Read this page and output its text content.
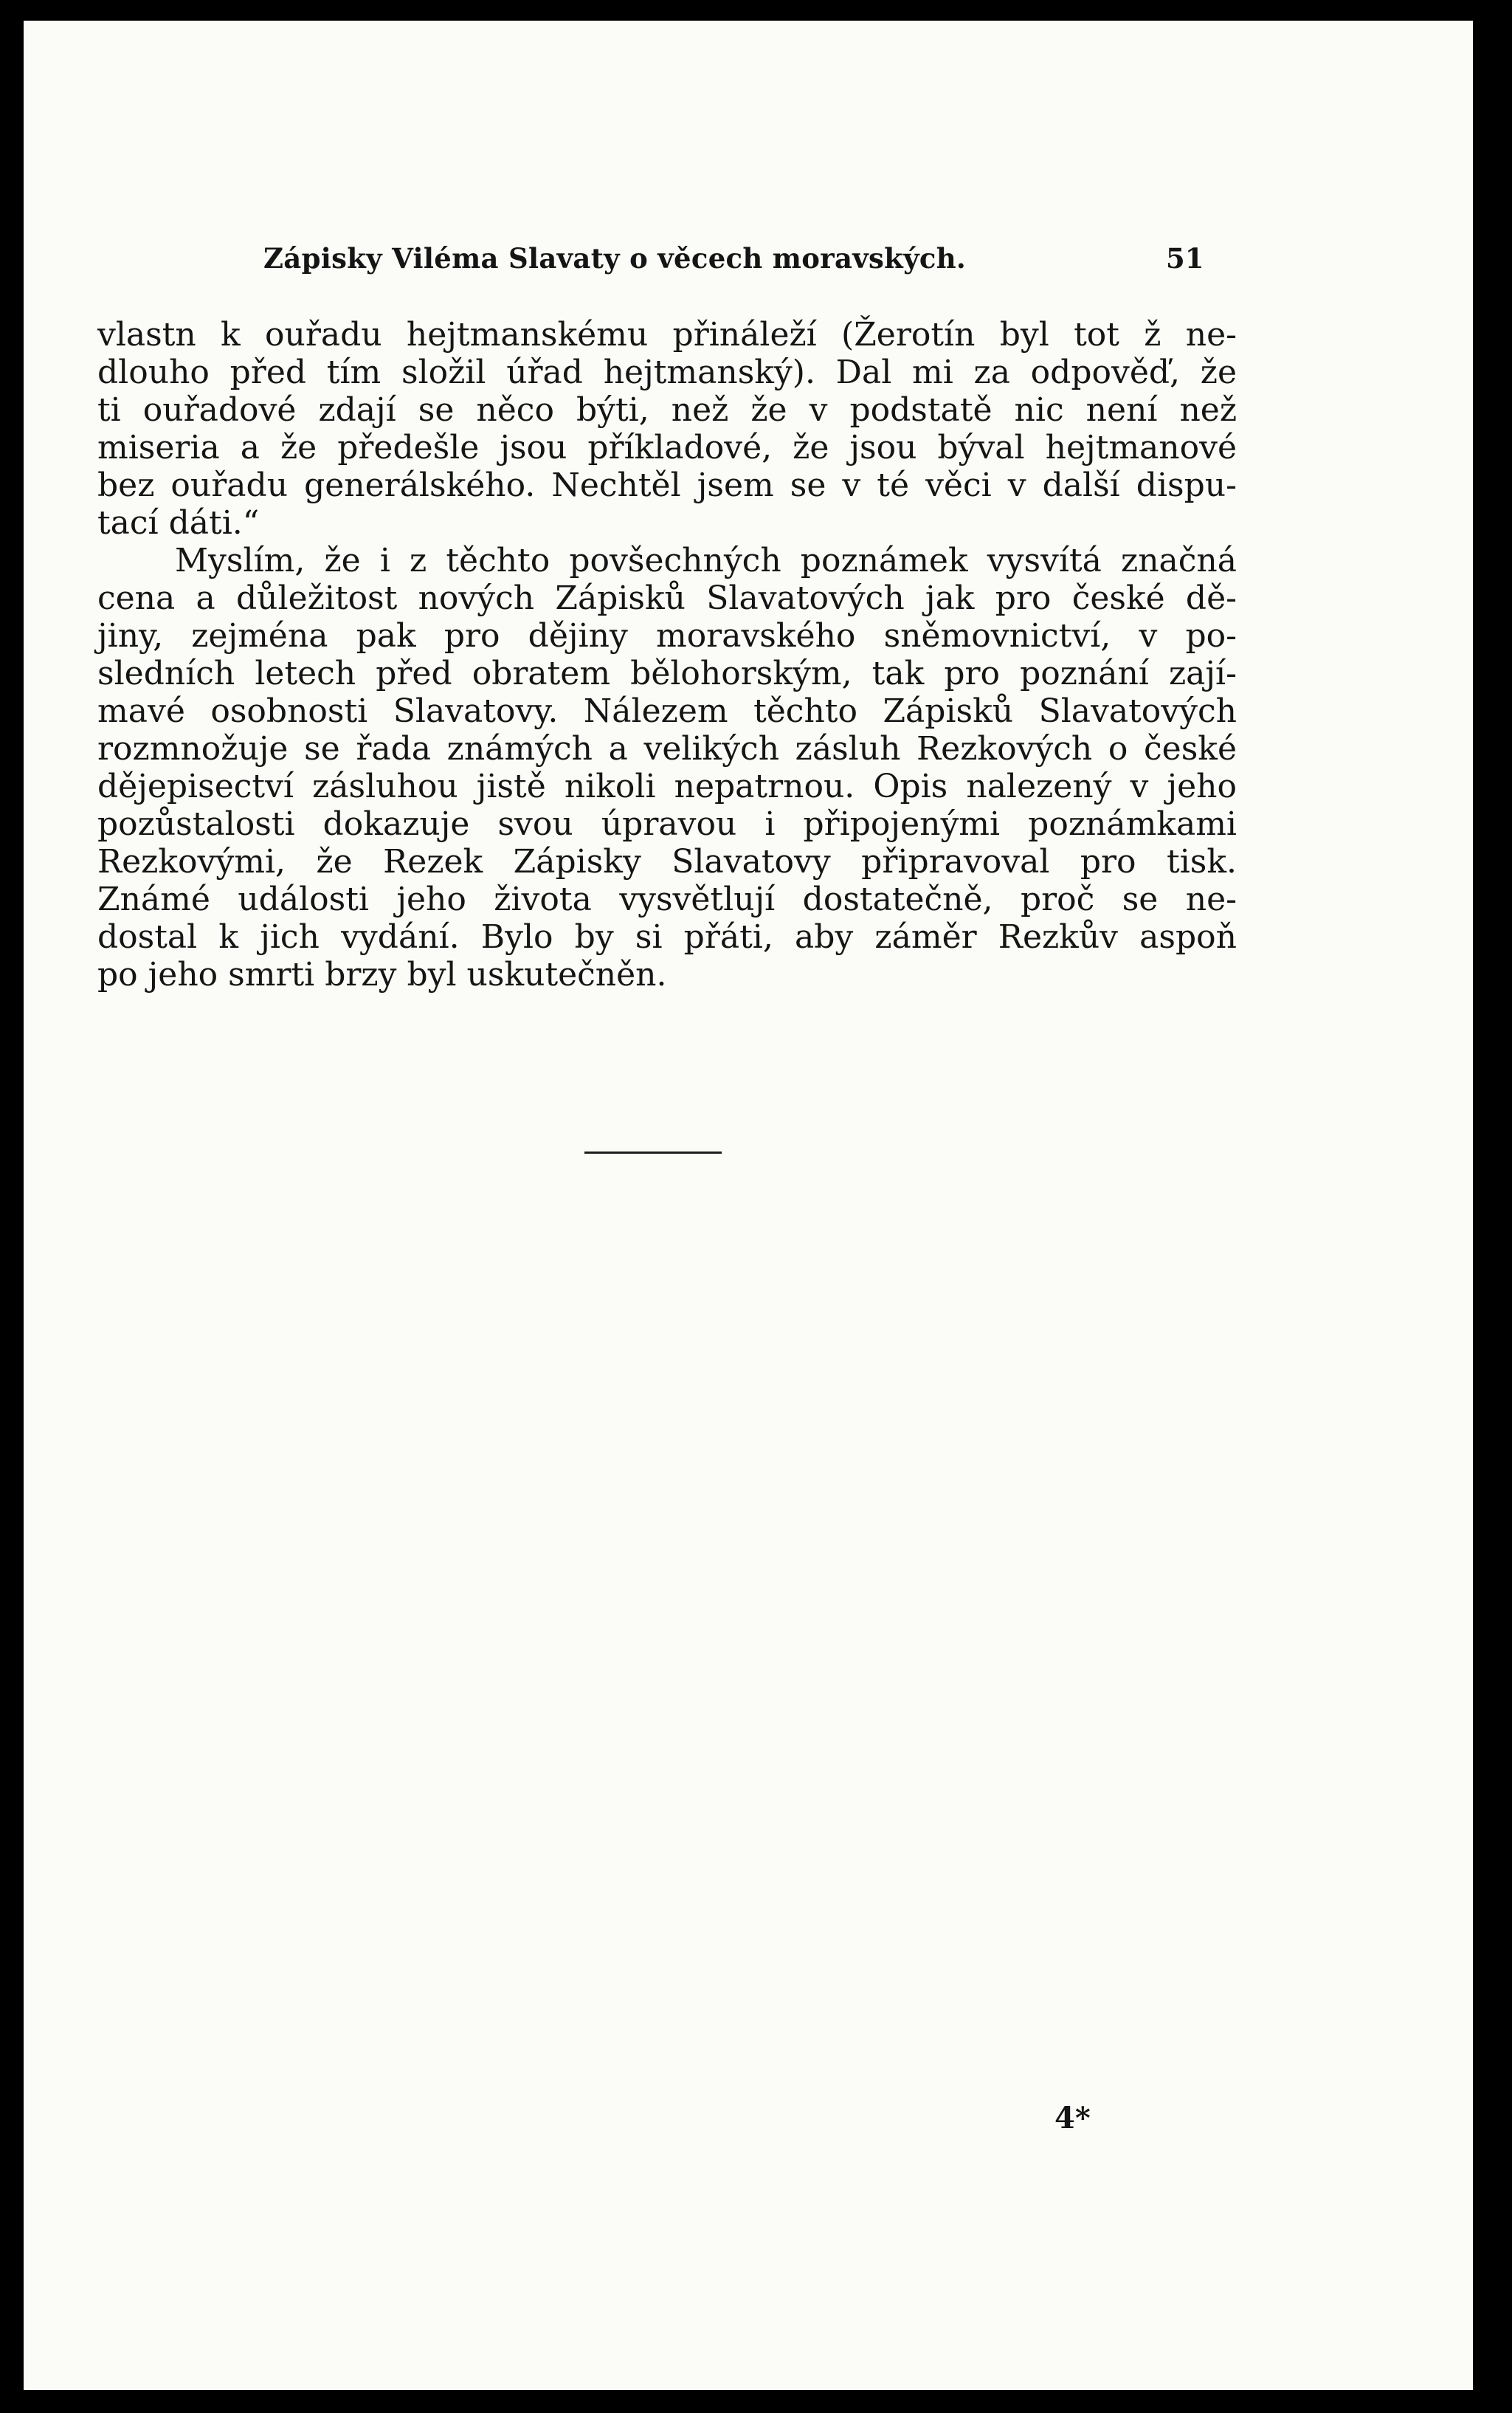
Zápisky Viléma Slavaty o věcech moravských.	51
vlastn k ouřadu hejtmanskému přináleží (Žerotín byl tot ž ne-
dlouho před tím složil úřad hejtmanský). Dal mi za odpověď, že
ti ouřadové zdají se něco býti, než že v podstatě nic není než
miseria a že předešle jsou příkladové, že jsou býval hejtmanové
bez ouřadu generálského. Nechtěl jsem se v té věci v další dispu-
tací dáti.“
Myslím, že i z těchto povšechných poznámek vysvítá značná
cena a důležitost nových Zápisků Slavatových jak pro české dě-
jiny, zejména pak pro dějiny moravského sněmovnictví, v po-
sledních letech před obratem bělohorským, tak pro poznání zají-
mavé osobnosti Slavatovy. Nálezem těchto Zápisků Slavatových
rozmnožuje se řada známých a velikých zásluh Rezkových o české
dějepisectví zásluhou jistě nikoli nepatrnou. Opis nalezený v jeho
pozůstalosti dokazuje svou úpravou i připojenými poznámkami
Rezkovými, že Rezek Zápisky Slavatovy připravoval pro tisk.
Známé události jeho života vysvětlují dostatečně, proč se ne-
dostal k jich vydání. Bylo by si přáti, aby záměr Rezkův aspoň
po jeho smrti brzy byl uskutečněn.
4*
